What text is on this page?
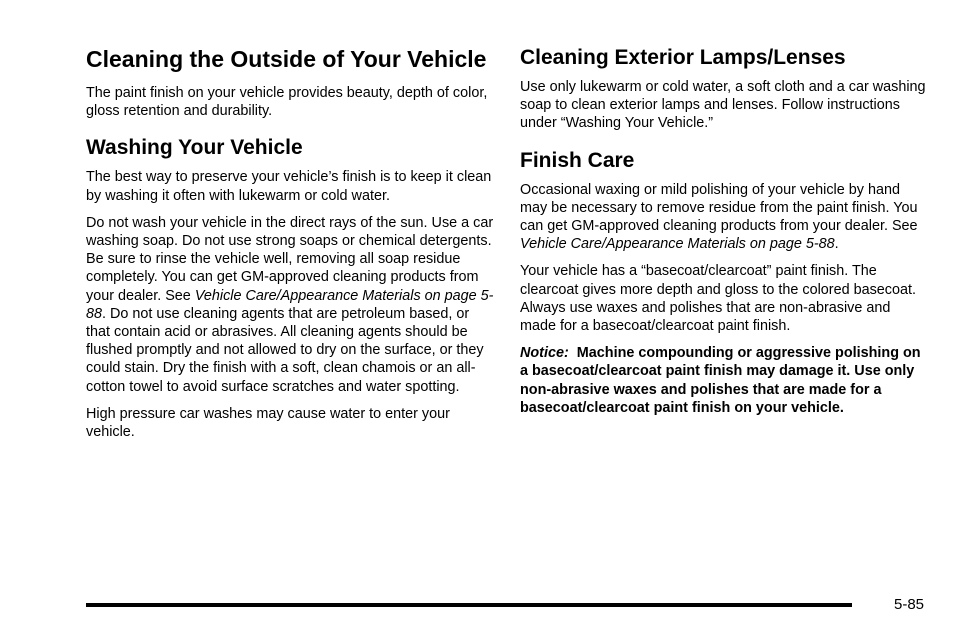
Cleaning the Outside of Your Vehicle

The paint finish on your vehicle provides beauty, depth of color, gloss retention and durability.

Washing Your Vehicle

The best way to preserve your vehicle’s finish is to keep it clean by washing it often with lukewarm or cold water.

Do not wash your vehicle in the direct rays of the sun. Use a car washing soap. Do not use strong soaps or chemical detergents. Be sure to rinse the vehicle well, removing all soap residue completely. You can get GM-approved cleaning products from your dealer. See Vehicle Care/Appearance Materials on page 5-88. Do not use cleaning agents that are petroleum based, or that contain acid or abrasives. All cleaning agents should be flushed promptly and not allowed to dry on the surface, or they could stain. Dry the finish with a soft, clean chamois or an all-cotton towel to avoid surface scratches and water spotting.

High pressure car washes may cause water to enter your vehicle.

Cleaning Exterior Lamps/Lenses

Use only lukewarm or cold water, a soft cloth and a car washing soap to clean exterior lamps and lenses. Follow instructions under “Washing Your Vehicle.”

Finish Care

Occasional waxing or mild polishing of your vehicle by hand may be necessary to remove residue from the paint finish. You can get GM-approved cleaning products from your dealer. See Vehicle Care/Appearance Materials on page 5-88.

Your vehicle has a “basecoat/clearcoat” paint finish. The clearcoat gives more depth and gloss to the colored basecoat. Always use waxes and polishes that are non-abrasive and made for a basecoat/clearcoat paint finish.

Notice: Machine compounding or aggressive polishing on a basecoat/clearcoat paint finish may damage it. Use only non-abrasive waxes and polishes that are made for a basecoat/clearcoat paint finish on your vehicle.

5-85
